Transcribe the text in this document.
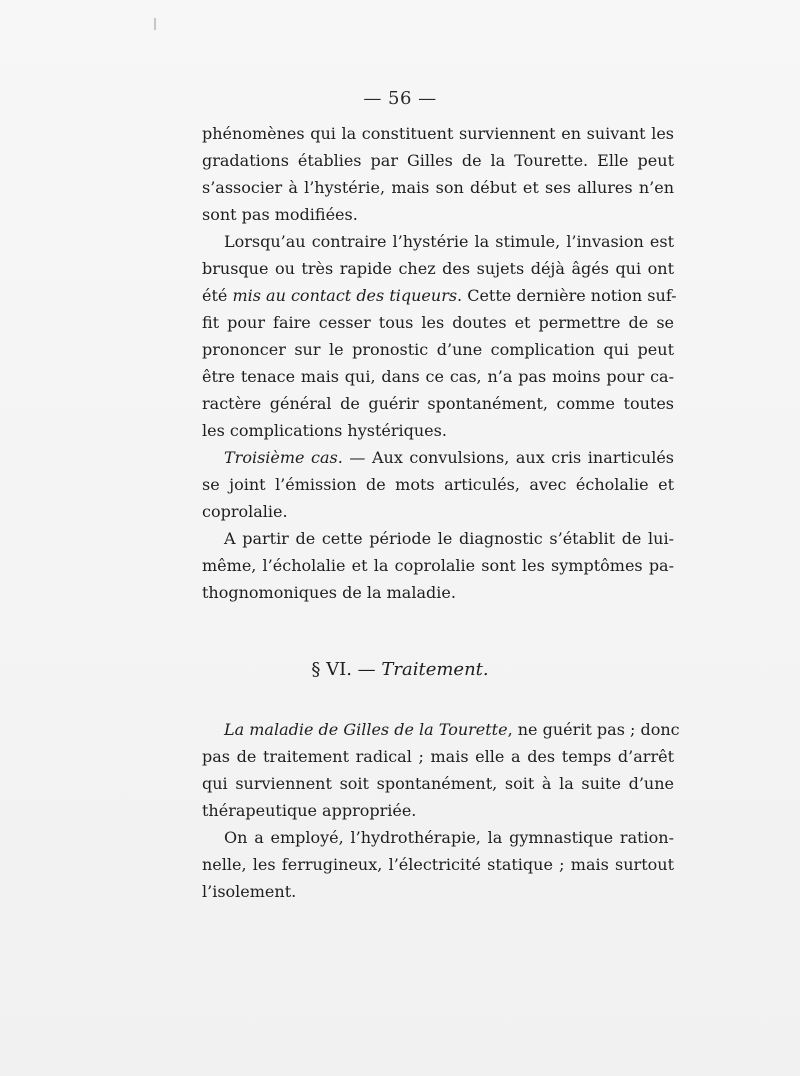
— 56 —
phénomènes qui la constituent surviennent en suivant les
gradations établies par Gilles de la Tourette. Elle peut
s’associer à l’hystérie, mais son début et ses allures n’en
sont pas modifiées.
Lorsqu’au contraire l’hystérie la stimule, l’invasion est
brusque ou très rapide chez des sujets déjà âgés qui ont
été mis au contact des tiqueurs. Cette dernière notion suf-
fit pour faire cesser tous les doutes et permettre de se
prononcer sur le pronostic d’une complication qui peut
être tenace mais qui, dans ce cas, n’a pas moins pour ca-
ractère général de guérir spontanément, comme toutes
les complications hystériques.
Troisième cas. — Aux convulsions, aux cris inarticulés
se joint l’émission de mots articulés, avec écholalie et
coprolalie.
A partir de cette période le diagnostic s’établit de lui-
même, l’écholalie et la coprolalie sont les symptômes pa-
thognomoniques de la maladie.
§ VI. — Traitement.
La maladie de Gilles de la Tourette, ne guérit pas ; donc
pas de traitement radical ; mais elle a des temps d’arrêt
qui surviennent soit spontanément, soit à la suite d’une
thérapeutique appropriée.
On a employé, l’hydrothérapie, la gymnastique ration-
nelle, les ferrugineux, l’électricité statique ; mais surtout
l’isolement.
